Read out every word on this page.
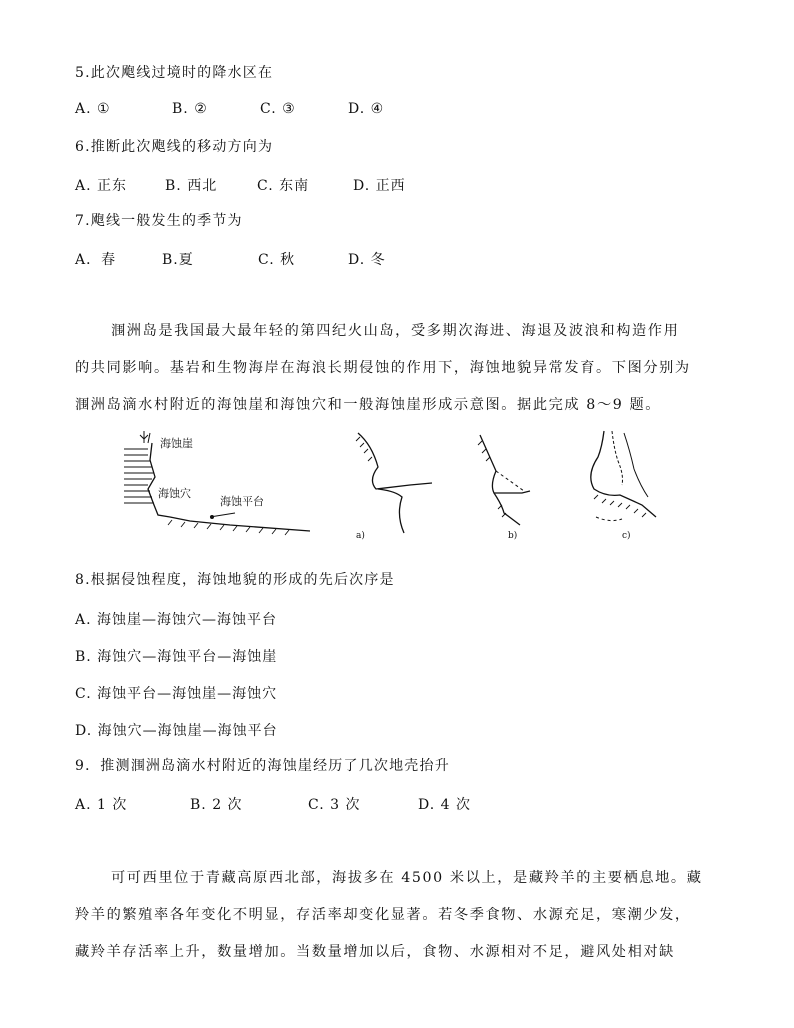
5.此次飑线过境时的降水区在
A. ①	B. ②	C. ③	D. ④
6.推断此次飑线的移动方向为
A. 正东	B. 西北	C. 东南	D. 正西
7.飑线一般发生的季节为
A．春	B.夏	C. 秋	D. 冬
涠洲岛是我国最大最年轻的第四纪火山岛，受多期次海进、海退及波浪和构造作用
的共同影响。基岩和生物海岸在海浪长期侵蚀的作用下，海蚀地貌异常发育。下图分别为
涠洲岛滴水村附近的海蚀崖和海蚀穴和一般海蚀崖形成示意图。据此完成 8～9 题。
海蚀崖
海蚀穴
海蚀平台
a)	b)	c)
8.根据侵蚀程度，海蚀地貌的形成的先后次序是
A. 海蚀崖—海蚀穴—海蚀平台
B. 海蚀穴—海蚀平台—海蚀崖
C. 海蚀平台—海蚀崖—海蚀穴
D. 海蚀穴—海蚀崖—海蚀平台
9．推测涠洲岛滴水村附近的海蚀崖经历了几次地壳抬升
A. 1 次	B. 2 次	C. 3 次	D. 4 次
可可西里位于青藏高原西北部，海拔多在 4500 米以上，是藏羚羊的主要栖息地。藏
羚羊的繁殖率各年变化不明显，存活率却变化显著。若冬季食物、水源充足，寒潮少发，
藏羚羊存活率上升，数量增加。当数量增加以后，食物、水源相对不足，避风处相对缺
